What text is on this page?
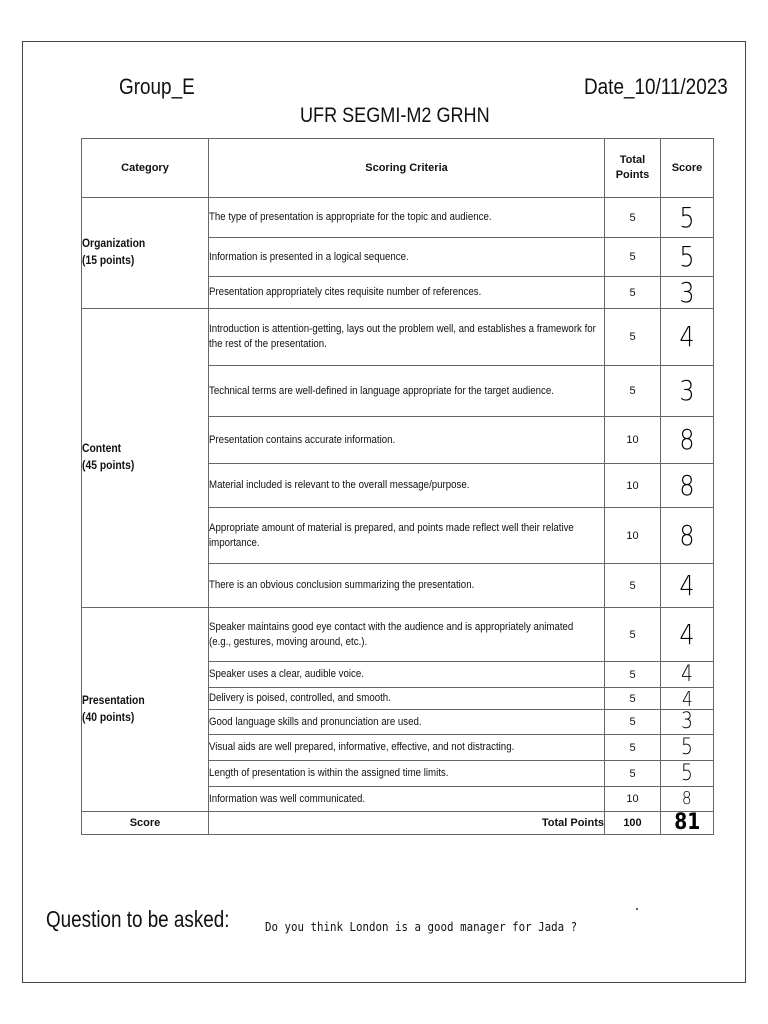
Group_E
UFR SEGMI-M2 GRHN
Date_10/11/2023
Category	Scoring Criteria	Total Points	Score

Organization
(15 points)	The type of presentation is appropriate for the topic and audience.	5	5

	Information is presented in a logical sequence.	5	5

	Presentation appropriately cites requisite number of references.	5	3

Content
(45 points)	Introduction is attention-getting, lays out the problem well, and establishes a framework for the rest of the presentation.	5	4

	Technical terms are well-defined in language appropriate for the target audience.	5	3

	Presentation contains accurate information.	10	8

	Material included is relevant to the overall message/purpose.	10	8

	Appropriate amount of material is prepared, and points made reflect well their relative importance.	10	8

	There is an obvious conclusion summarizing the presentation.	5	4

Presentation
(40 points)	Speaker maintains good eye contact with the audience and is appropriately animated (e.g., gestures, moving around, etc.).	5	4

	Speaker uses a clear, audible voice.	5	4

	Delivery is poised, controlled, and smooth.	5	4

	Good language skills and pronunciation are used.	5	3

	Visual aids are well prepared, informative, effective, and not distracting.	5	5

	Length of presentation is within the assigned time limits.	5	5

	Information was well communicated.	10	8
Score	Total Points	100	81
Question to be asked:	Do you think London is a good manager for Jada ?
